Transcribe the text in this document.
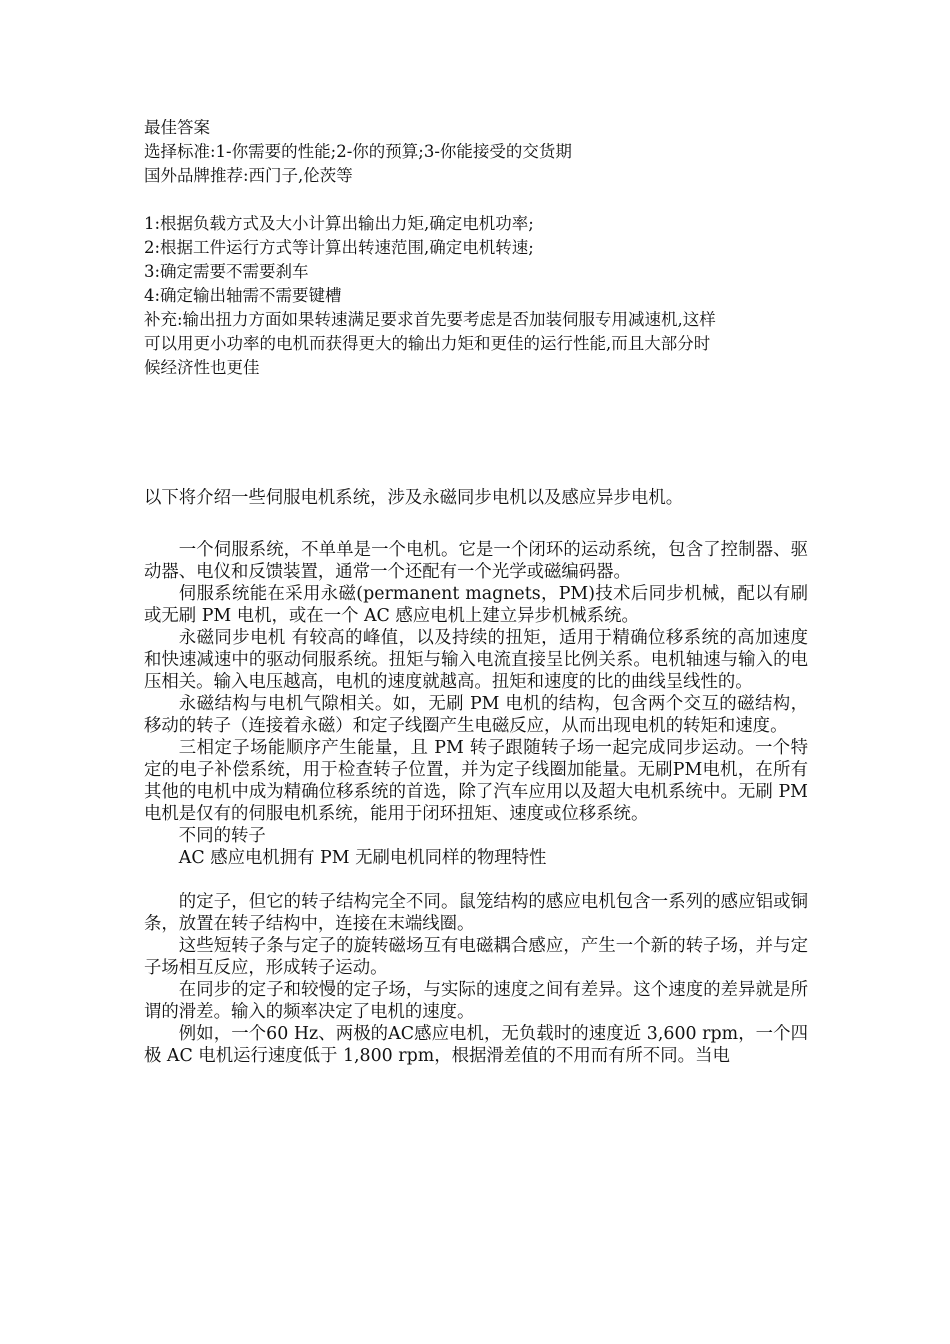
最佳答案
选择标准:1-你需要的性能;2-你的预算;3-你能接受的交货期
国外品牌推荐:西门子,伦茨等
1:根据负载方式及大小计算出输出力矩,确定电机功率;
2:根据工件运行方式等计算出转速范围,确定电机转速;
3:确定需要不需要刹车
4:确定输出轴需不需要键槽
补充:输出扭力方面如果转速满足要求首先要考虑是否加装伺服专用减速机,这样
可以用更小功率的电机而获得更大的输出力矩和更佳的运行性能,而且大部分时
候经济性也更佳
以下将介绍一些伺服电机系统，涉及永磁同步电机以及感应异步电机。

一个伺服系统，不单单是一个电机。它是一个闭环的运动系统，包含了控制器、驱动器、电仪和反馈装置，通常一个还配有一个光学或磁编码器。

伺服系统能在采用永磁(permanent magnets，PM)技术后同步机械，配以有刷或无刷 PM 电机，或在一个 AC 感应电机上建立异步机械系统。

永磁同步电机 有较高的峰值，以及持续的扭矩，适用于精确位移系统的高加速度和快速减速中的驱动伺服系统。扭矩与输入电流直接呈比例关系。电机轴速与输入的电压相关。输入电压越高，电机的速度就越高。扭矩和速度的比的曲线呈线性的。

永磁结构与电机气隙相关。如，无刷 PM 电机的结构，包含两个交互的磁结构，移动的转子（连接着永磁）和定子线圈产生电磁反应，从而出现电机的转矩和速度。

三相定子场能顺序产生能量，且 PM 转子跟随转子场一起完成同步运动。一个特定的电子补偿系统，用于检查转子位置，并为定子线圈加能量。无刷PM电机，在所有其他的电机中成为精确位移系统的首选，除了汽车应用以及超大电机系统中。无刷 PM 电机是仅有的伺服电机系统，能用于闭环扭矩、速度或位移系统。

不同的转子

AC 感应电机拥有 PM 无刷电机同样的物理特性

的定子，但它的转子结构完全不同。鼠笼结构的感应电机包含一系列的感应铝或铜条，放置在转子结构中，连接在末端线圈。

这些短转子条与定子的旋转磁场互有电磁耦合感应，产生一个新的转子场，并与定子场相互反应，形成转子运动。

在同步的定子和较慢的定子场，与实际的速度之间有差异。这个速度的差异就是所谓的滑差。输入的频率决定了电机的速度。

例如，一个60 Hz、两极的AC感应电机，无负载时的速度近 3,600 rpm，一个四极 AC 电机运行速度低于 1,800 rpm，根据滑差值的不用而有所不同。当电
